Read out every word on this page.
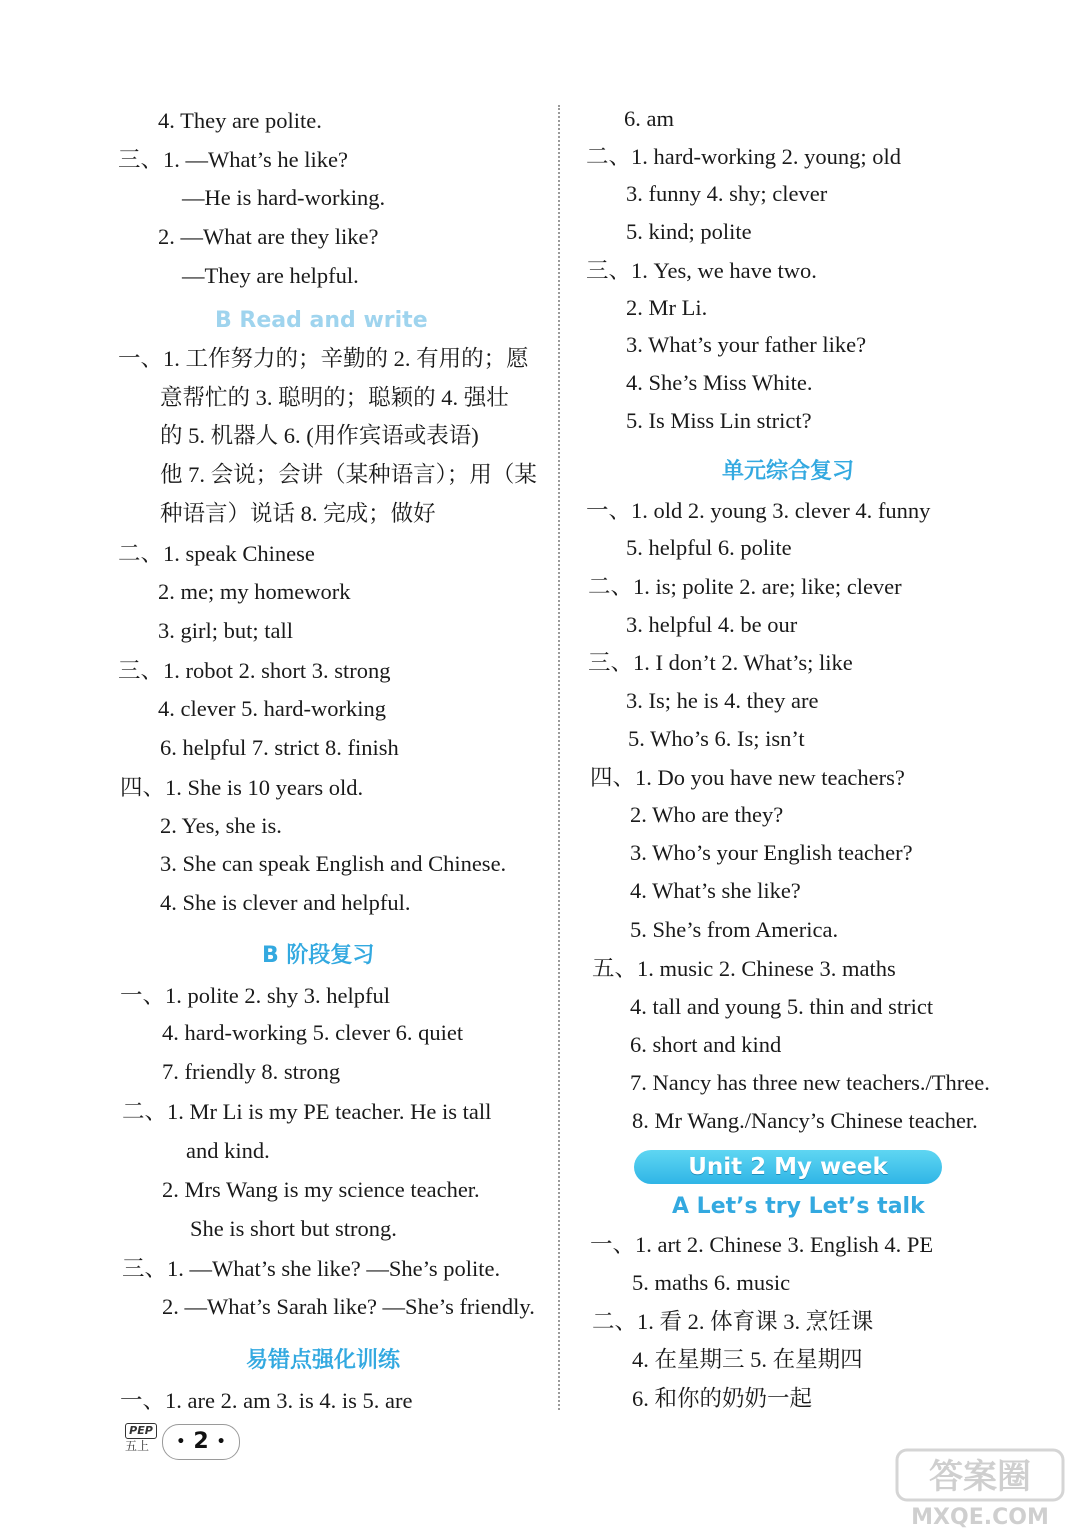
4. They are polite.
三、1. —What’s he like?
—He is hard-working.
2. —What are they like?
—They are helpful.
B Read and write
一、1. 工作努力的；辛勤的 2. 有用的；愿
意帮忙的 3. 聪明的；聪颖的 4. 强壮
的 5. 机器人 6. (用作宾语或表语)
他 7. 会说；会讲（某种语言）；用（某
种语言）说话 8. 完成；做好
二、1. speak Chinese
2. me; my homework
3. girl; but; tall
三、1. robot 2. short 3. strong
4. clever 5. hard-working
6. helpful 7. strict 8. finish
四、1. She is 10 years old.
2. Yes, she is.
3. She can speak English and Chinese.
4. She is clever and helpful.
B 阶段复习
一、1. polite 2. shy 3. helpful
4. hard-working 5. clever 6. quiet
7. friendly 8. strong
二、1. Mr Li is my PE teacher. He is tall
and kind.
2. Mrs Wang is my science teacher.
She is short but strong.
三、1. —What’s she like? —She’s polite.
2. —What’s Sarah like? —She’s friendly.
易错点强化训练
一、1. are 2. am 3. is 4. is 5. are
6. am
二、1. hard-working 2. young; old
3. funny 4. shy; clever
5. kind; polite
三、1. Yes, we have two.
2. Mr Li.
3. What’s your father like?
4. She’s Miss White.
5. Is Miss Lin strict?
单元综合复习
一、1. old 2. young 3. clever 4. funny
5. helpful 6. polite
二、1. is; polite 2. are; like; clever
3. helpful 4. be our
三、1. I don’t 2. What’s; like
3. Is; he is 4. they are
5. Who’s 6. Is; isn’t
四、1. Do you have new teachers?
2. Who are they?
3. Who’s your English teacher?
4. What’s she like?
5. She’s from America.
五、1. music 2. Chinese 3. maths
4. tall and young 5. thin and strict
6. short and kind
7. Nancy has three new teachers./Three.
8. Mr Wang./Nancy’s Chinese teacher.
A Let’s try Let’s talk
一、1. art 2. Chinese 3. English 4. PE
5. maths 6. music
二、1. 看 2. 体育课 3. 烹饪课
4. 在星期三 5. 在星期四
6. 和你的奶奶一起
Unit 2 My week
PEP
五上	• 2 •
答案圈
MXQE.COM
